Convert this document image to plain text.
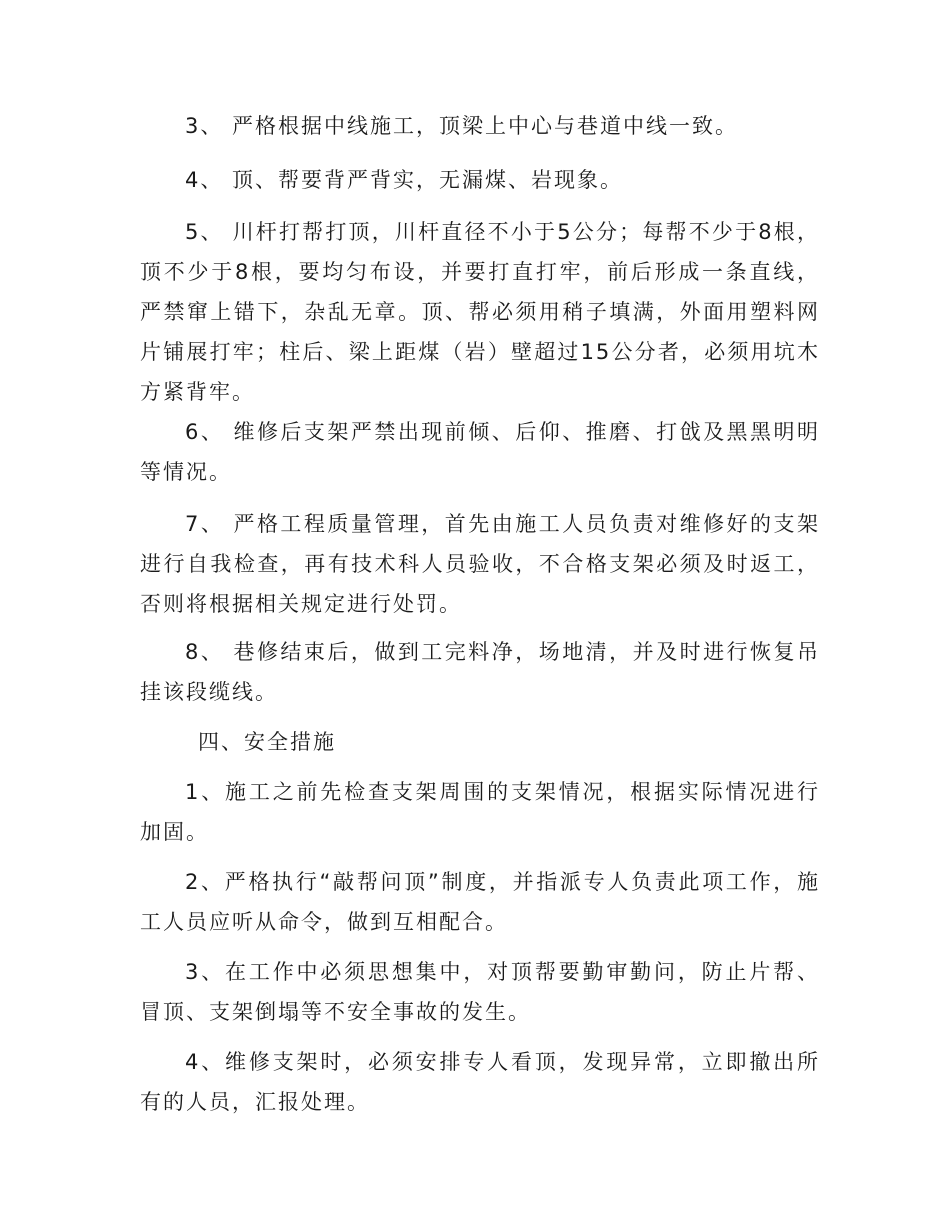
3、 严格根据中线施工，顶梁上中心与巷道中线一致。

4、 顶、帮要背严背实，无漏煤、岩现象。

5、 川杆打帮打顶，川杆直径不小于5公分；每帮不少于8根，顶不少于8根，要均匀布设，并要打直打牢，前后形成一条直线，严禁窜上错下，杂乱无章。顶、帮必须用稍子填满，外面用塑料网片铺展打牢；柱后、梁上距煤（岩）壁超过15公分者，必须用坑木方紧背牢。

6、 维修后支架严禁出现前倾、后仰、推磨、打戗及黑黑明明等情况。

7、 严格工程质量管理，首先由施工人员负责对维修好的支架进行自我检查，再有技术科人员验收，不合格支架必须及时返工，否则将根据相关规定进行处罚。

8、 巷修结束后，做到工完料净，场地清，并及时进行恢复吊挂该段缆线。

四、安全措施

1、施工之前先检查支架周围的支架情况，根据实际情况进行加固。

2、严格执行“敲帮问顶”制度，并指派专人负责此项工作，施工人员应听从命令，做到互相配合。

3、在工作中必须思想集中，对顶帮要勤审勤问，防止片帮、冒顶、支架倒塌等不安全事故的发生。

4、维修支架时，必须安排专人看顶，发现异常，立即撤出所有的人员，汇报处理。
